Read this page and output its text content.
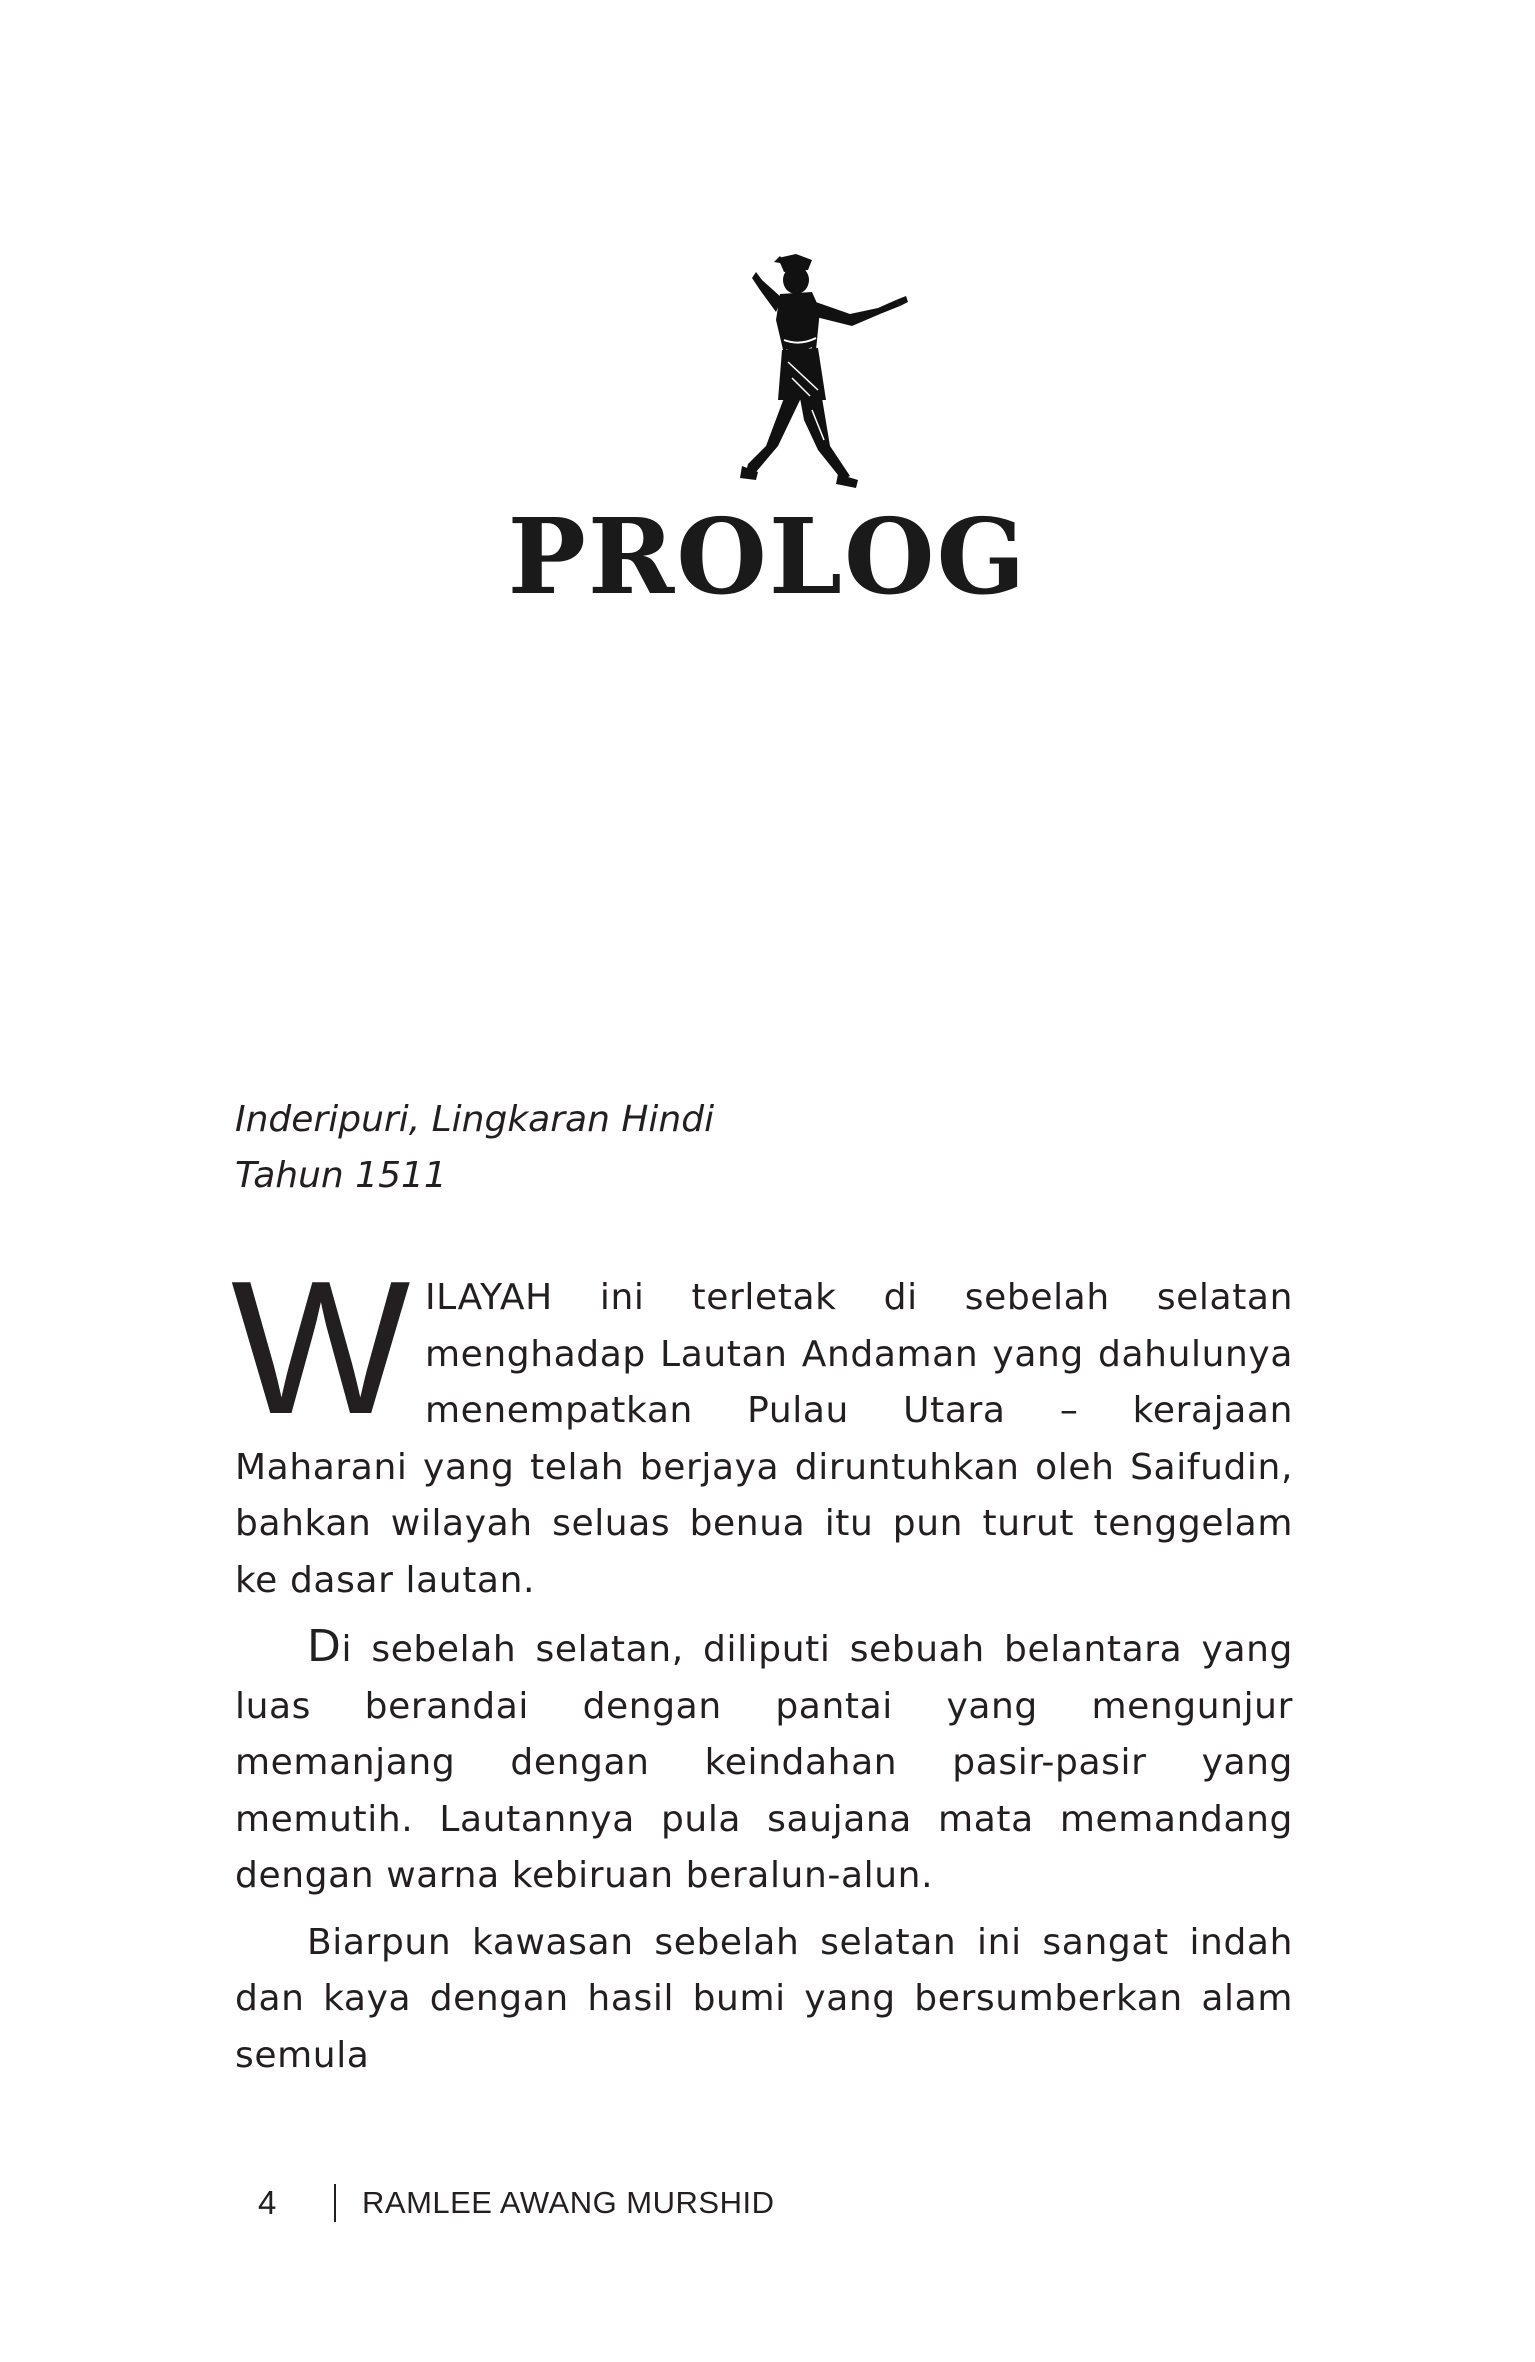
PROLOG
Inderipuri, Lingkaran Hindi
Tahun 1511

WILAYAH ini terletak di sebelah selatan menghadap Lautan Andaman yang dahulunya menempatkan Pulau Utara – kerajaan Maharani yang telah berjaya diruntuhkan oleh Saifudin, bahkan wilayah seluas benua itu pun turut tenggelam ke dasar lautan.

Di sebelah selatan, diliputi sebuah belantara yang luas berandai dengan pantai yang mengunjur memanjang dengan keindahan pasir-pasir yang memutih. Lautannya pula saujana mata memandang dengan warna kebiruan beralun-alun.

Biarpun kawasan sebelah selatan ini sangat indah dan kaya dengan hasil bumi yang bersumberkan alam semula

4	RAMLEE AWANG MURSHID
